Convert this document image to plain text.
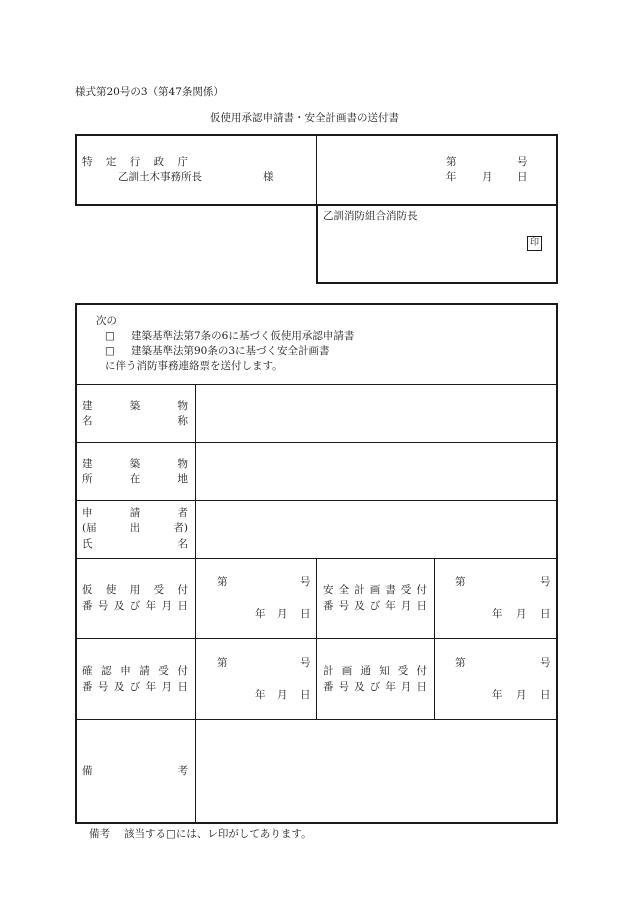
様式第20号の3（第47条関係）
仮使用承認申請書・安全計画書の送付書
特 定 行 政 庁
乙訓土木事務所長	様
第	号
年 月 日
乙訓消防組合消防長
印
次の
□ 建築基準法第7条の6に基づく仮使用承認申請書
□ 建築基準法第90条の3に基づく安全計画書
に伴う消防事務連絡票を送付します。
建	築	物
名	称
建	築	物
所	在	地
申	請	者
(届	出	者)
氏	名
仮 使 用 受 付
番 号 及 び 年 月 日
第	号
年 月 日
安 全 計 画 書 受 付
番 号 及 び 年 月 日
第	号
年 月 日
確 認 申 請 受 付
番 号 及 び 年 月 日
第	号
年 月 日
計 画 通 知 受 付
番 号 及 び 年 月 日
第	号
年 月 日
備	考
備考 該当する□には、レ印がしてあります。
